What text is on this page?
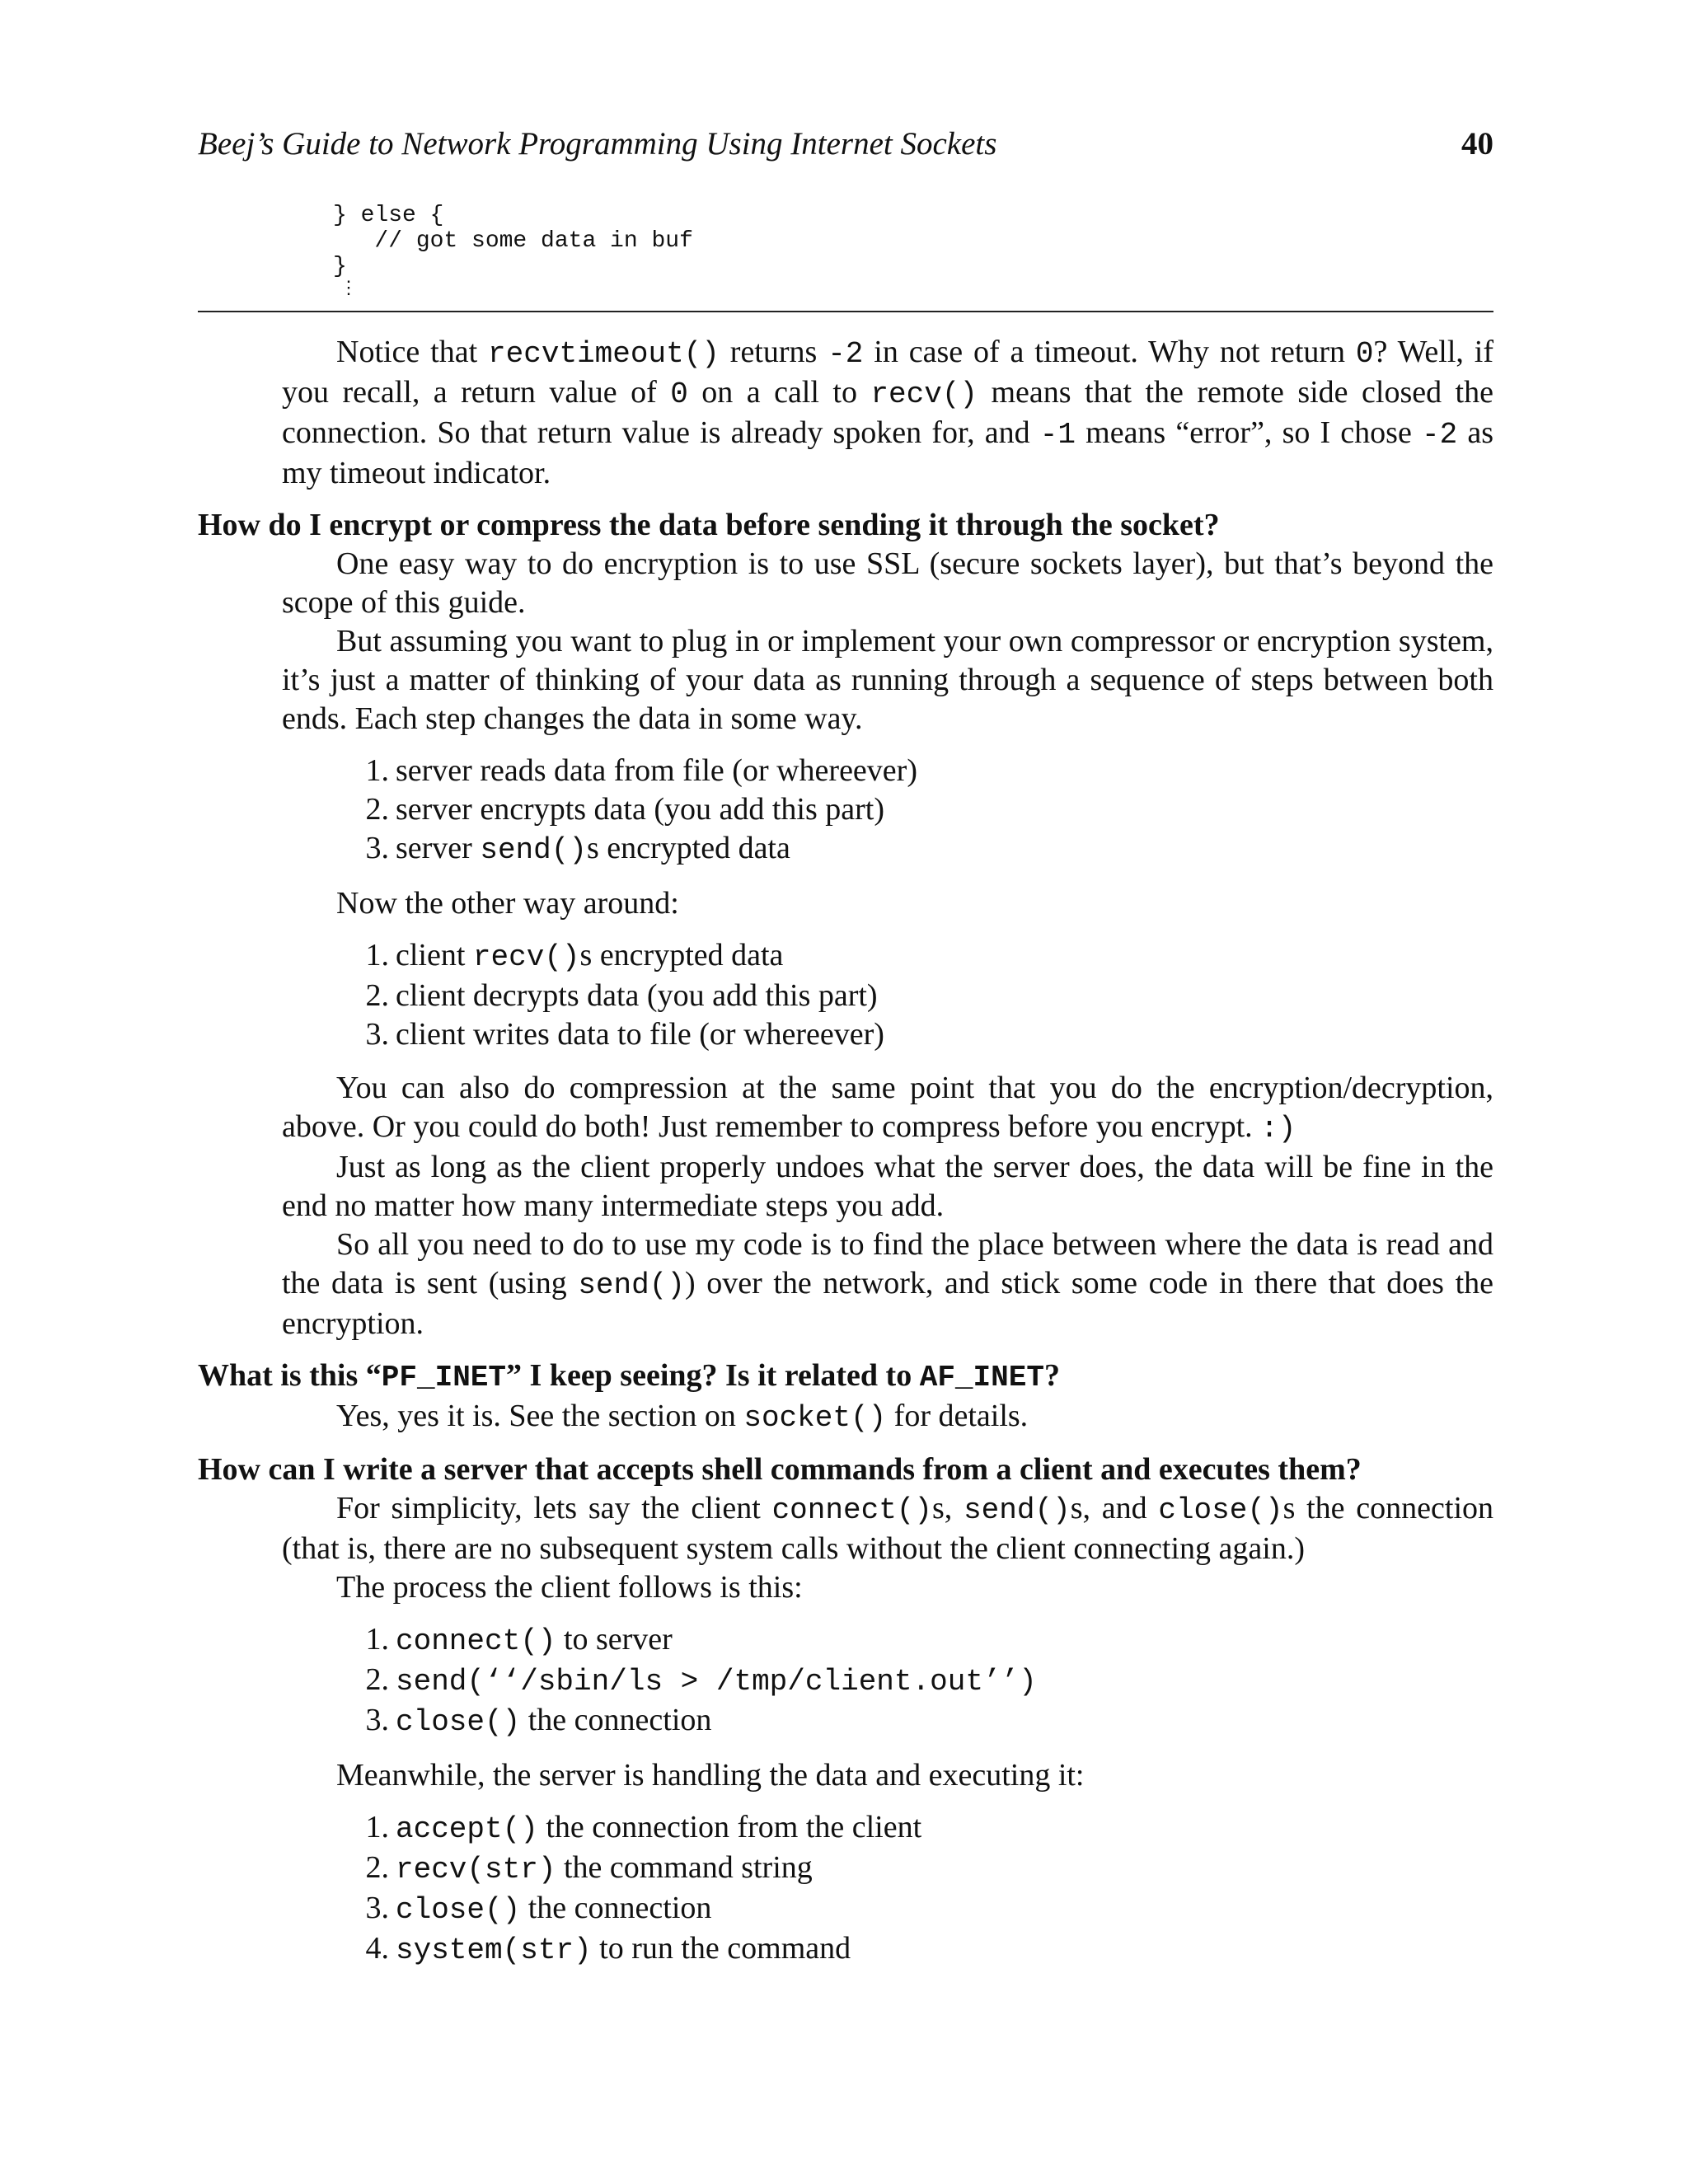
Beej’s Guide to Network Programming Using Internet Sockets	40
} else {
// got some data in buf
}
⋮

Notice that recvtimeout() returns -2 in case of a timeout. Why not return 0? Well, if you recall, a return value of 0 on a call to recv() means that the remote side closed the connection. So that return value is already spoken for, and -1 means “error”, so I chose -2 as my timeout indicator.

How do I encrypt or compress the data before sending it through the socket?

One easy way to do encryption is to use SSL (secure sockets layer), but that’s beyond the scope of this guide.

But assuming you want to plug in or implement your own compressor or encryption system, it’s just a matter of thinking of your data as running through a sequence of steps between both ends. Each step changes the data in some way.

1. server reads data from file (or whereever)
2. server encrypts data (you add this part)
3. server send()s encrypted data

Now the other way around:

1. client recv()s encrypted data
2. client decrypts data (you add this part)
3. client writes data to file (or whereever)

You can also do compression at the same point that you do the encryption/decryption, above. Or you could do both! Just remember to compress before you encrypt. :)

Just as long as the client properly undoes what the server does, the data will be fine in the end no matter how many intermediate steps you add.

So all you need to do to use my code is to find the place between where the data is read and the data is sent (using send()) over the network, and stick some code in there that does the encryption.

What is this “PF_INET” I keep seeing? Is it related to AF_INET?

Yes, yes it is. See the section on socket() for details.

How can I write a server that accepts shell commands from a client and executes them?

For simplicity, lets say the client connect()s, send()s, and close()s the connection (that is, there are no subsequent system calls without the client connecting again.)

The process the client follows is this:

1. connect() to server
2. send(‘‘/sbin/ls > /tmp/client.out’’)
3. close() the connection

Meanwhile, the server is handling the data and executing it:

1. accept() the connection from the client
2. recv(str) the command string
3. close() the connection
4. system(str) to run the command
